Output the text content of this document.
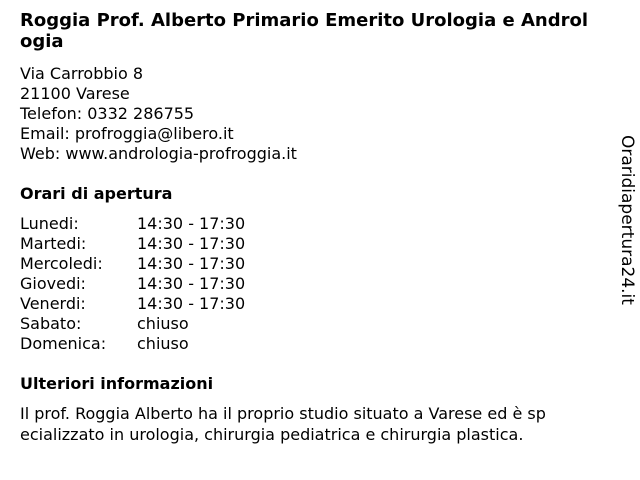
Roggia Prof. Alberto Primario Emerito Urologia e Andrologia
Via Carrobbio 8
21100 Varese
Telefon: 0332 286755
Email: profroggia@libero.it
Web: www.andrologia-profroggia.it
Orari di apertura
Lunedi:	14:30 - 17:30
Martedi:	14:30 - 17:30
Mercoledi:	14:30 - 17:30
Giovedi:	14:30 - 17:30
Venerdi:	14:30 - 17:30
Sabato:	chiuso
Domenica:	chiuso
Ulteriori informazioni
Il prof. Roggia Alberto ha il proprio studio situato a Varese ed è specializzato in urologia, chirurgia pediatrica e chirurgia plastica.
Oraridiapertura24.it
